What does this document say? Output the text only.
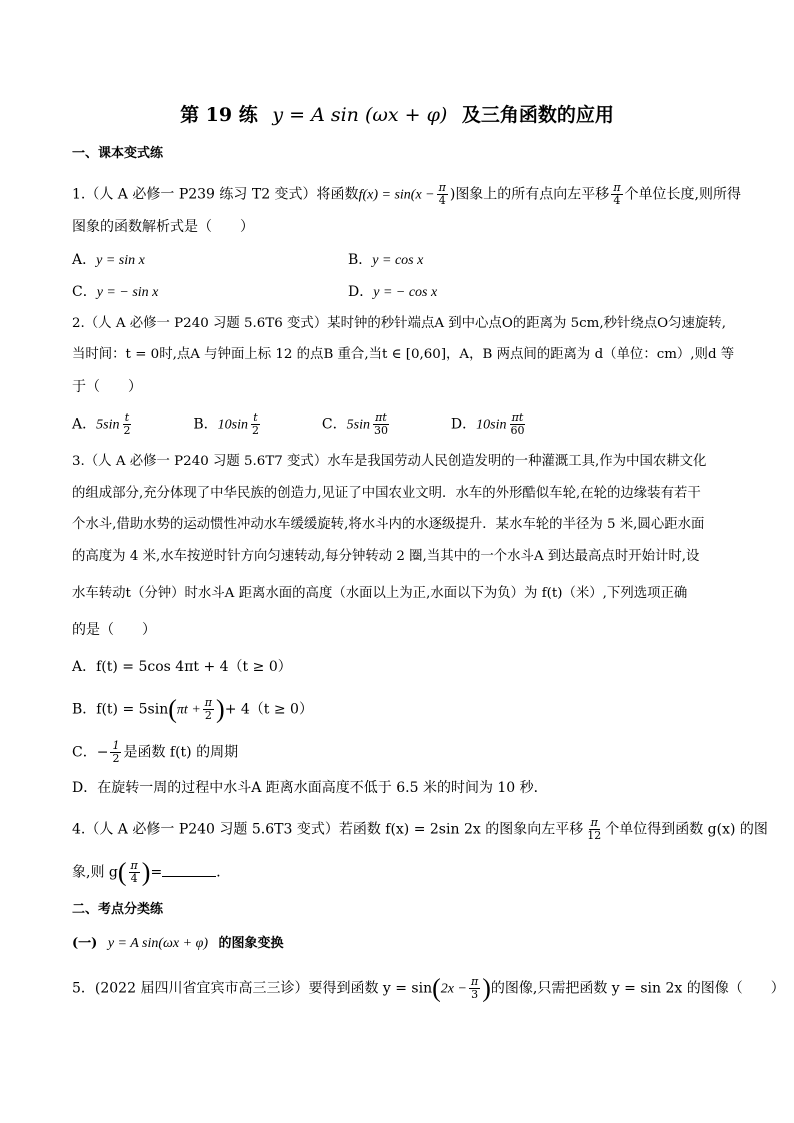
第 19 练 y = A sin (ωx + φ) 及三角函数的应用
一、课本变式练
1.（人 A 必修一 P239 练习 T2 变式）将函数$f(x) = \sin(x - \frac{\pi}{4}$ )图象上的所有点向左平移 $\frac{\pi}{4}$ 个单位长度,则所得
图象的函数解析式是（　　）
A．y = sin x	B．y = cos x
C．y = − sin x	D．y = − cos x
2.（人 A 必修一 P240 习题 5.6T6 变式）某时钟的秒针端点A 到中心点O的距离为 5cm,秒针绕点O匀速旋转,
当时间：t = 0时,点A 与钟面上标 12 的点B 重合,当t ∈ [0,60]，A，B 两点间的距离为 d（单位：cm）,则d 等
于（　　）
A．$5\sin \frac{t}{2}$	B．$10\sin \frac{t}{2}$	C．$5\sin \frac{\pi t}{30}$	D．$10\sin \frac{\pi t}{60}$
3.（人 A 必修一 P240 习题 5.6T7 变式）水车是我国劳动人民创造发明的一种灌溉工具,作为中国农耕文化
的组成部分,充分体现了中华民族的创造力,见证了中国农业文明．水车的外形酷似车轮,在轮的边缘装有若干
个水斗,借助水势的运动惯性冲动水车缓缓旋转,将水斗内的水逐级提升．某水车轮的半径为 5 米,圆心距水面
的高度为 4 米,水车按逆时针方向匀速转动,每分钟转动 2 圈,当其中的一个水斗A 到达最高点时开始计时,设
水车转动t（分钟）时水斗A 距离水面的高度（水面以上为正,水面以下为负）为 f(t)（米）,下列选项正确
的是（　　）
A．f(t) = 5cos 4πt + 4（t ≥ 0）
B．$f(t) = 5\sin(\pi t + \frac{\pi}{2}$ )+ 4（t ≥ 0）
C．− $\frac{1}{2}$ 是函数 f(t) 的周期
D．在旋转一周的过程中水斗A 距离水面高度不低于 6.5 米的时间为 10 秒．
4.（人 A 必修一 P240 习题 5.6T3 变式）若函数 f(x) = 2sin 2x 的图象向左平移 $\frac{\pi}{12}$ 个单位得到函数 g(x) 的图
象,则 $g( \frac{\pi}{4}$ )=	．
二、考点分类练
(一) y = A sin(ωx + φ) 的图象变换
5．(2022 届四川省宜宾市高三三诊）要得到函数 $y = \sin(2x - \frac{\pi}{3}$ )的图像,只需把函数 y = sin 2x 的图像（　　）
